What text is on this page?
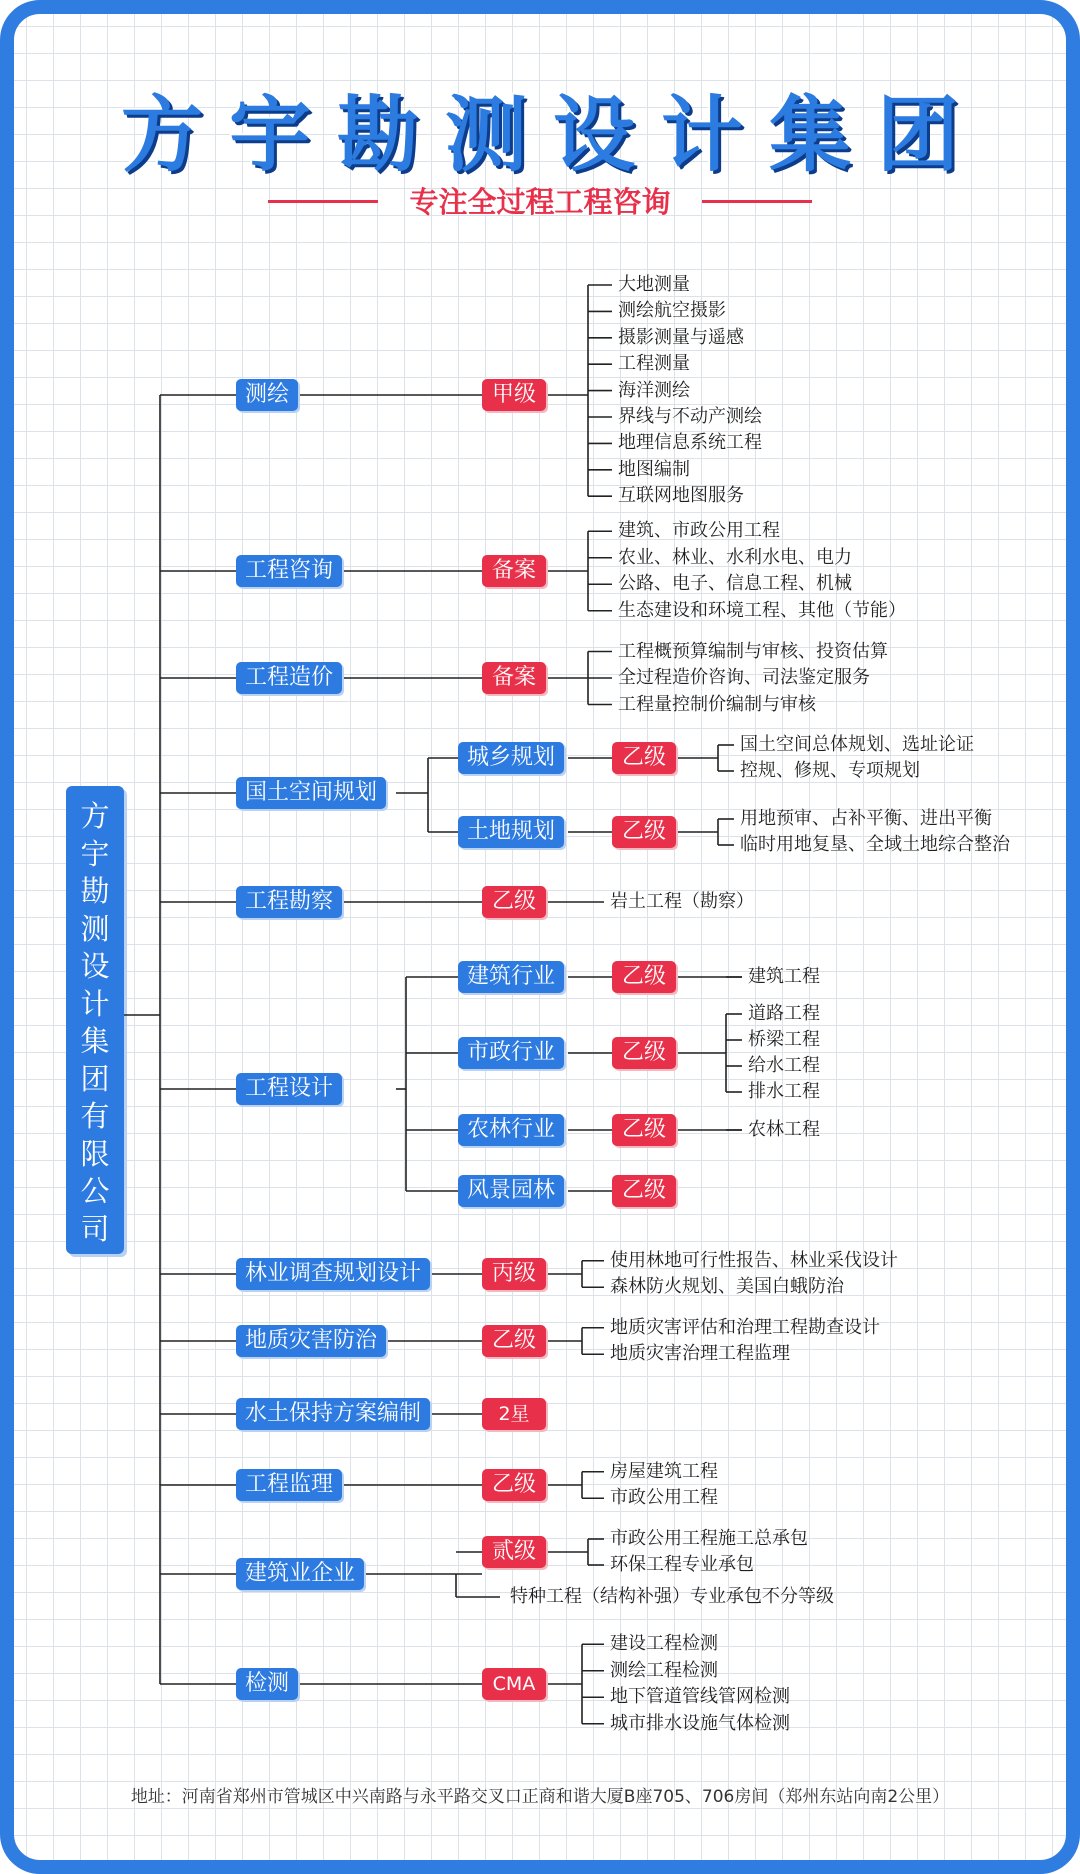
方宇勘测设计集团
专注全过程工程咨询
方
宇
勘
测
设
计
集
团
有
限
公
司
测绘	甲级
大地测量
测绘航空摄影
摄影测量与遥感
工程测量
海洋测绘
界线与不动产测绘
地理信息系统工程
地图编制
互联网地图服务
工程咨询	备案
建筑、市政公用工程
农业、林业、水利水电、电力
公路、电子、信息工程、机械
生态建设和环境工程、其他（节能）
工程造价	备案
工程概预算编制与审核、投资估算
全过程造价咨询、司法鉴定服务
工程量控制价编制与审核
国土空间规划
城乡规划	乙级
国土空间总体规划、选址论证
控规、修规、专项规划
土地规划	乙级
用地预审、占补平衡、进出平衡
临时用地复垦、全域土地综合整治
工程勘察	乙级	岩土工程（勘察）
工程设计
建筑行业	乙级	建筑工程
市政行业	乙级
道路工程
桥梁工程
给水工程
排水工程
农林行业	乙级	农林工程
风景园林	乙级
林业调查规划设计	丙级
使用林地可行性报告、林业采伐设计
森林防火规划、美国白蛾防治
地质灾害防治	乙级
地质灾害评估和治理工程勘查设计
地质灾害治理工程监理
水土保持方案编制	2星
工程监理	乙级
房屋建筑工程
市政公用工程
建筑业企业
贰级
特种工程（结构补强）专业承包不分等级
市政公用工程施工总承包
环保工程专业承包
检测	CMA
建设工程检测
测绘工程检测
地下管道管线管网检测
城市排水设施气体检测
地址：河南省郑州市管城区中兴南路与永平路交叉口正商和谐大厦B座705、706房间（郑州东站向南2公里）
